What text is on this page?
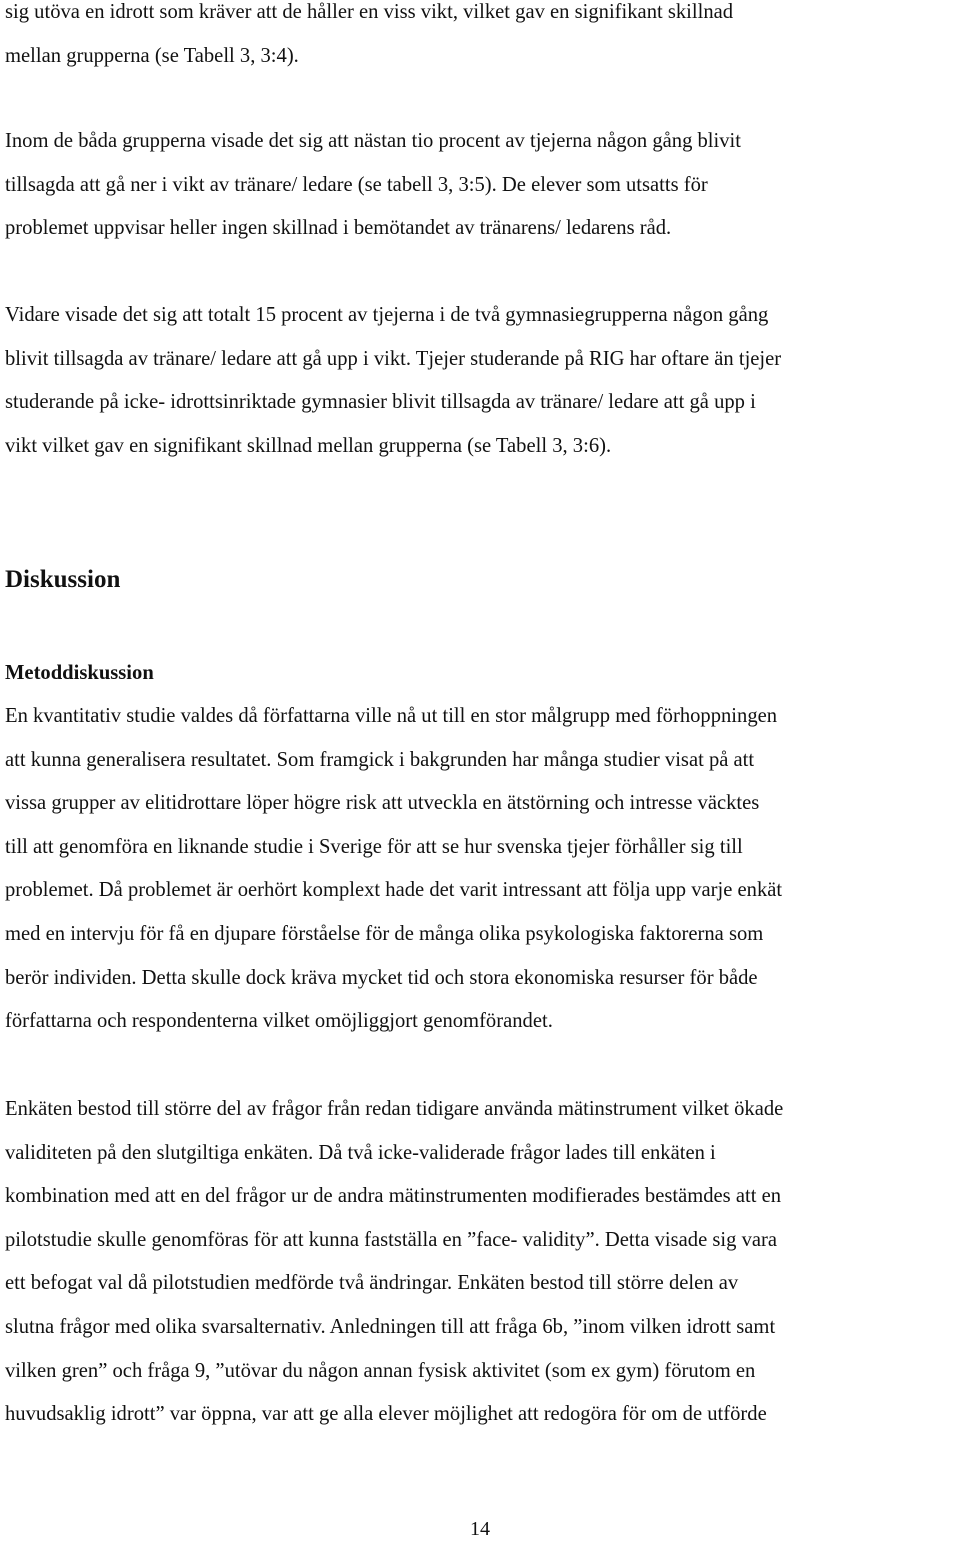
sig utöva en idrott som kräver att de håller en viss vikt, vilket gav en signifikant skillnad
mellan grupperna (se Tabell 3, 3:4).
Inom de båda grupperna visade det sig att nästan tio procent av tjejerna någon gång blivit
tillsagda att gå ner i vikt av tränare/ ledare (se tabell 3, 3:5). De elever som utsatts för
problemet uppvisar heller ingen skillnad i bemötandet av tränarens/ ledarens råd.
Vidare visade det sig att totalt 15 procent av tjejerna i de två gymnasiegrupperna någon gång
blivit tillsagda av tränare/ ledare att gå upp i vikt. Tjejer studerande på RIG har oftare än tjejer
studerande på icke- idrottsinriktade gymnasier blivit tillsagda av tränare/ ledare att gå upp i
vikt vilket gav en signifikant skillnad mellan grupperna (se Tabell 3, 3:6).
Diskussion
Metoddiskussion
En kvantitativ studie valdes då författarna ville nå ut till en stor målgrupp med förhoppningen
att kunna generalisera resultatet. Som framgick i bakgrunden har många studier visat på att
vissa grupper av elitidrottare löper högre risk att utveckla en ätstörning och intresse väcktes
till att genomföra en liknande studie i Sverige för att se hur svenska tjejer förhåller sig till
problemet. Då problemet är oerhört komplext hade det varit intressant att följa upp varje enkät
med en intervju för få en djupare förståelse för de många olika psykologiska faktorerna som
berör individen. Detta skulle dock kräva mycket tid och stora ekonomiska resurser för både
författarna och respondenterna vilket omöjliggjort genomförandet.
Enkäten bestod till större del av frågor från redan tidigare använda mätinstrument vilket ökade
validiteten på den slutgiltiga enkäten. Då två icke-validerade frågor lades till enkäten i
kombination med att en del frågor ur de andra mätinstrumenten modifierades bestämdes att en
pilotstudie skulle genomföras för att kunna fastställa en ”face- validity”. Detta visade sig vara
ett befogat val då pilotstudien medförde två ändringar. Enkäten bestod till större delen av
slutna frågor med olika svarsalternativ. Anledningen till att fråga 6b, ”inom vilken idrott samt
vilken gren” och fråga 9, ”utövar du någon annan fysisk aktivitet (som ex gym) förutom en
huvudsaklig idrott” var öppna, var att ge alla elever möjlighet att redogöra för om de utförde
14
